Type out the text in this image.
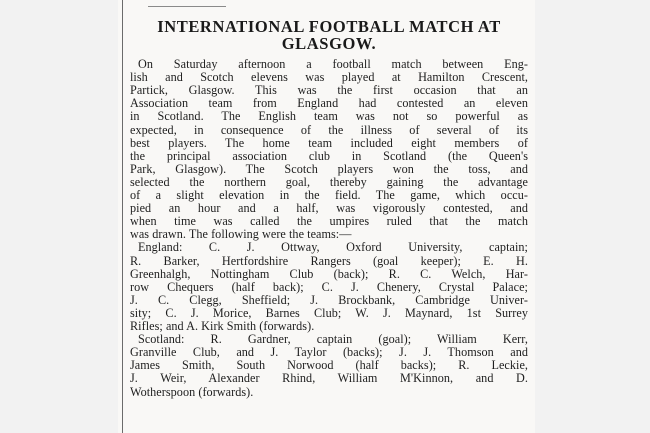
INTERNATIONAL FOOTBALL MATCH AT GLASGOW.
On Saturday afternoon a football match between Eng-
lish and Scotch elevens was played at Hamilton Crescent,
Partick, Glasgow. This was the first occasion that an
Association team from England had contested an eleven
in Scotland. The English team was not so powerful as
expected, in consequence of the illness of several of its
best players. The home team included eight members of
the principal association club in Scotland (the Queen's
Park, Glasgow). The Scotch players won the toss, and
selected the northern goal, thereby gaining the advantage
of a slight elevation in the field. The game, which occu-
pied an hour and a half, was vigorously contested, and
when time was called the umpires ruled that the match
was drawn. The following were the teams:—
England: C. J. Ottway, Oxford University, captain;
R. Barker, Hertfordshire Rangers (goal keeper); E. H.
Greenhalgh, Nottingham Club (back); R. C. Welch, Har-
row Chequers (half back); C. J. Chenery, Crystal Palace;
J. C. Clegg, Sheffield; J. Brockbank, Cambridge Univer-
sity; C. J. Morice, Barnes Club; W. J. Maynard, 1st Surrey
Rifles; and A. Kirk Smith (forwards).
Scotland: R. Gardner, captain (goal); William Kerr,
Granville Club, and J. Taylor (backs); J. J. Thomson and
James Smith, South Norwood (half backs); R. Leckie,
J. Weir, Alexander Rhind, William M'Kinnon, and D.
Wotherspoon (forwards).
